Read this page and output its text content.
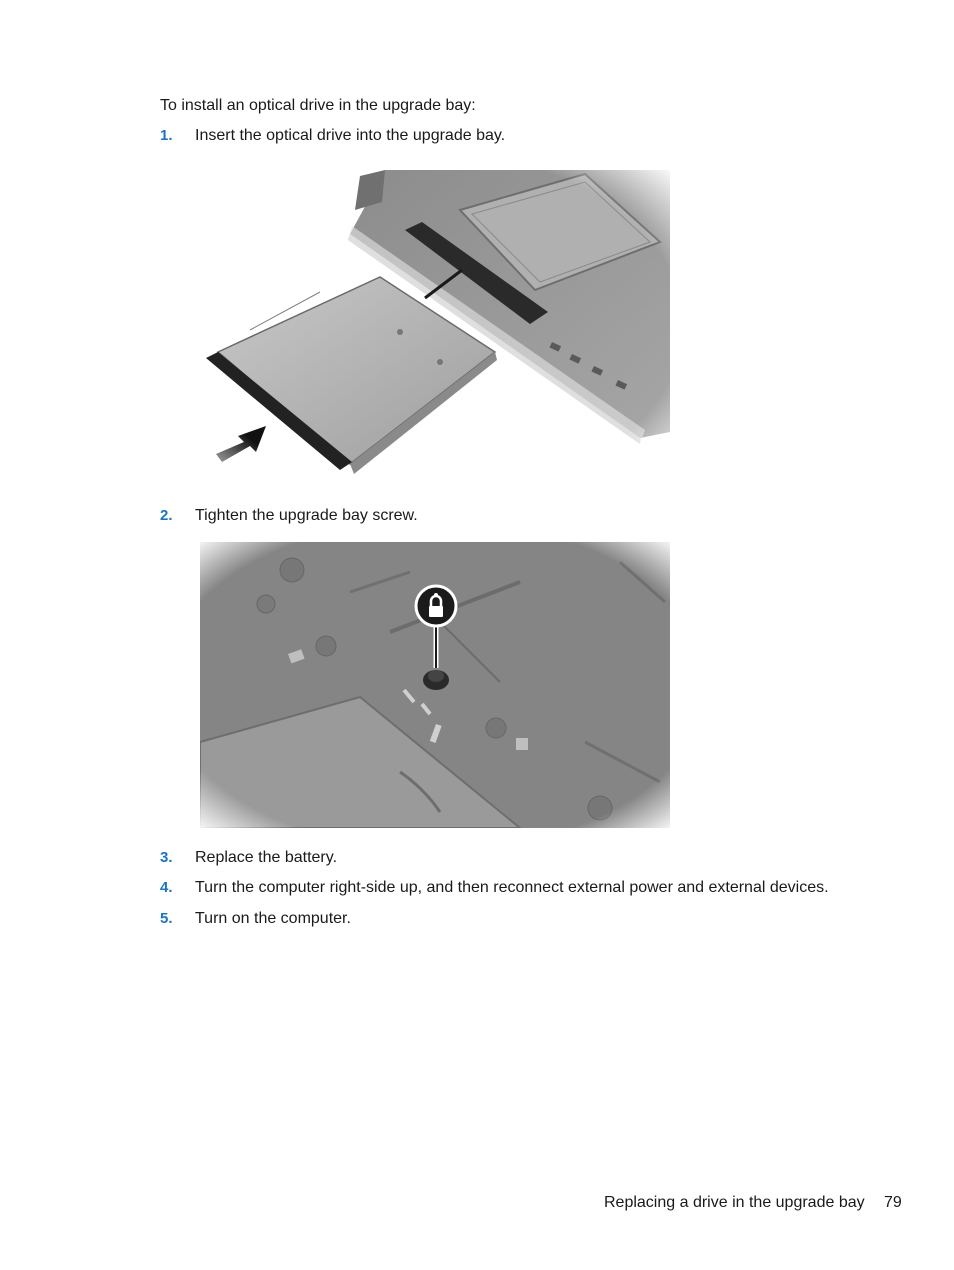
To install an optical drive in the upgrade bay:
1. Insert the optical drive into the upgrade bay.
2. Tighten the upgrade bay screw.
3. Replace the battery.
4. Turn the computer right-side up, and then reconnect external power and external devices.
5. Turn on the computer.
Replacing a drive in the upgrade bay 79
